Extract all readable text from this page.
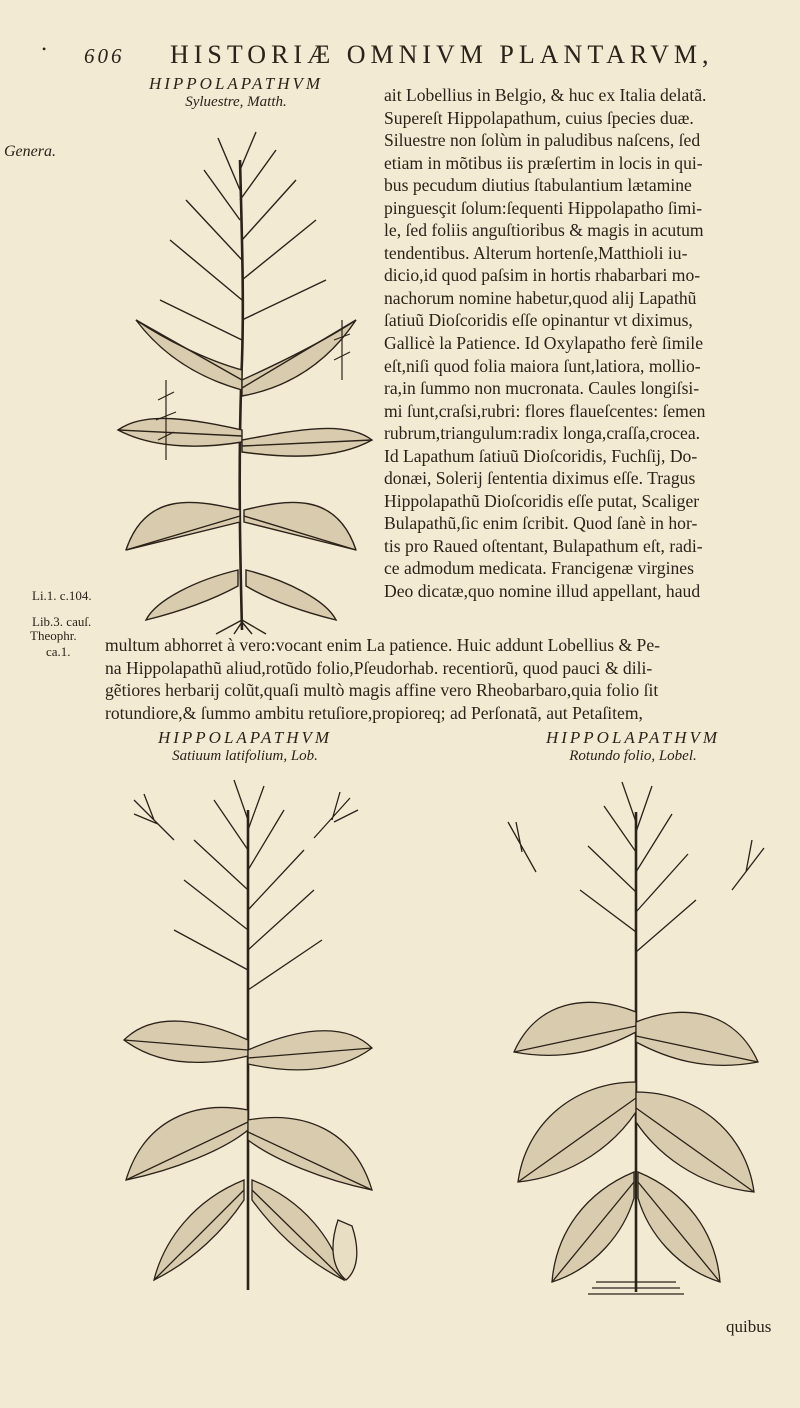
• 606 HISTORIÆ OMNIVM PLANTARVM,
HIPPOLAPATHVM
Syluestre, Matth.	ait Lobellius in Belgio, & huc ex Italia delatã.
Supereſt Hippolapathum, cuius ſpecies duæ.
Siluestre non ſolùm in paludibus naſcens, ſed
etiam in mõtibus iis præſertim in locis in qui-
bus pecudum diutius ſtabulantium lætamine
pinguesçit ſolum:ſequenti Hippolapatho ſimi-
le, ſed foliis anguſtioribus & magis in acutum
tendentibus. Alterum hortenſe,Matthioli iu-
dicio,id quod paſsim in hortis rhabarbari mo-
nachorum nomine habetur,quod alij Lapathũ
ſatiuũ Dioſcoridis eſſe opinantur vt diximus,
Gallicè la Patience. Id Oxylapatho ferè ſimile
eſt,niſi quod folia maiora ſunt,latiora, mollio-
ra,in ſummo non mucronata. Caules longiſsi-
mi ſunt,craſsi,rubri: flores flaueſcentes: ſemen
rubrum,triangulum:radix longa,craſſa,crocea.
Id Lapathum ſatiuũ Dioſcoridis, Fuchſij, Do-
donæi, Solerij ſententia diximus eſſe. Tragus
Hippolapathũ Dioſcoridis eſſe putat, Scaliger
Bulapathũ,ſic enim ſcribit. Quod ſanè in hor-
tis pro Raued oſtentant, Bulapathum eſt, radi-
ce admodum medicata. Francigenæ virgines
Deo dicatæ,quo nomine illud appellant, haud
multum abhorret à vero:vocant enim La patience. Huic addunt Lobellius & Pe-
na Hippolapathũ aliud,rotũdo folio,Pſeudorhab. recentiorũ, quod pauci & dili-
gẽtiores herbarij colũt,quaſi multò magis affine vero Rheobarbaro,quia folio ſit
rotundiore,& ſummo ambitu retuſiore,propioreq; ad Perſonatã, aut Petaſitem,
Genera.
Li.1. c.104.
Lib.3. cauſ.
Theophr.
ca.1.
HIPPOLAPATHVM
Satiuum latifolium, Lob.
HIPPOLAPATHVM
Rotundo folio, Lobel.
quibus
